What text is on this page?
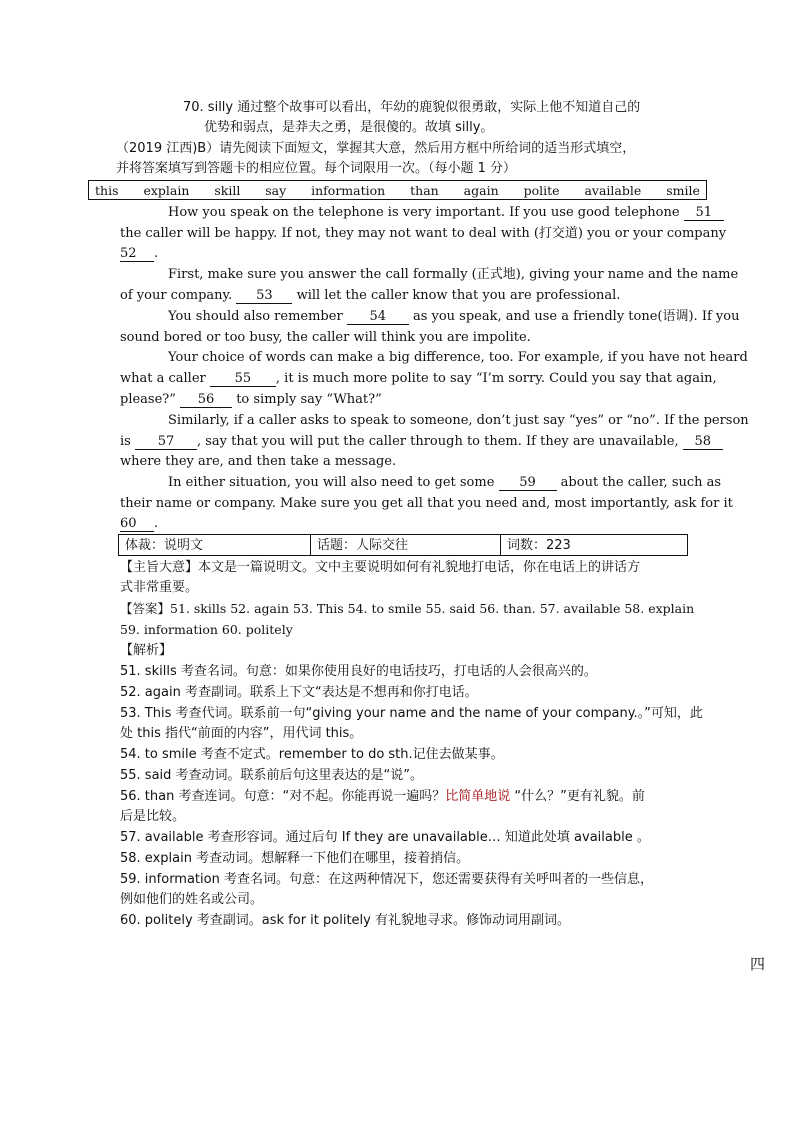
70. silly 通过整个故事可以看出，年幼的鹿貌似很勇敢，实际上他不知道自己的
优势和弱点，是莽夫之勇，是很傻的。故填 silly。
（2019 江西)B）请先阅读下面短文，掌握其大意，然后用方框中所给词的适当形式填空，
并将答案填写到答题卡的相应位置。每个词限用一次。（每小题 1 分）
this explain skill say information than again polite available smile
How you speak on the telephone is very important. If you use good telephone 51
the caller will be happy. If not, they may not want to deal with (打交道) you or your company
52 .
First, make sure you answer the call formally (正式地), giving your name and the name
of your company. 53 will let the caller know that you are professional.
You should also remember 54 as you speak, and use a friendly tone(语调). If you
sound bored or too busy, the caller will think you are impolite.
Your choice of words can make a big difference, too. For example, if you have not heard
what a caller 55 , it is much more polite to say “I’m sorry. Could you say that again,
please?” 56 to simply say “What?”
Similarly, if a caller asks to speak to someone, don’t just say “yes” or “no”. If the person
is 57 , say that you will put the caller through to them. If they are unavailable, 58
where they are, and then take a message.
In either situation, you will also need to get some 59 about the caller, such as
their name or company. Make sure you get all that you need and, most importantly, ask for it
60 .
体裁：说明文	话题：人际交往	词数：223
【主旨大意】本文是一篇说明文。文中主要说明如何有礼貌地打电话，你在电话上的讲话方
式非常重要。
【答案】51. skills 52. again 53. This 54. to smile 55. said 56. than. 57. available 58. explain
59. information 60. politely
【解析】
51. skills 考查名词。句意：如果你使用良好的电话技巧，打电话的人会很高兴的。
52. again 考查副词。联系上下文“表达是不想再和你打电话。
53. This 考查代词。联系前一句“giving your name and the name of your company.。”可知，此
处 this 指代“前面的内容”，用代词 this。
54. to smile 考查不定式。remember to do sth.记住去做某事。
55. said 考查动词。联系前后句这里表达的是“说”。
56. than 考查连词。句意：“对不起。你能再说一遍吗？比简单地说 “什么？”更有礼貌。前
后是比较。
57. available 考查形容词。通过后句 If they are unavailable… 知道此处填 available 。
58. explain 考查动词。想解释一下他们在哪里，接着捎信。
59. information 考查名词。句意：在这两种情况下，您还需要获得有关呼叫者的一些信息，
例如他们的姓名或公司。
60. politely 考查副词。ask for it politely 有礼貌地寻求。修饰动词用副词。
四
